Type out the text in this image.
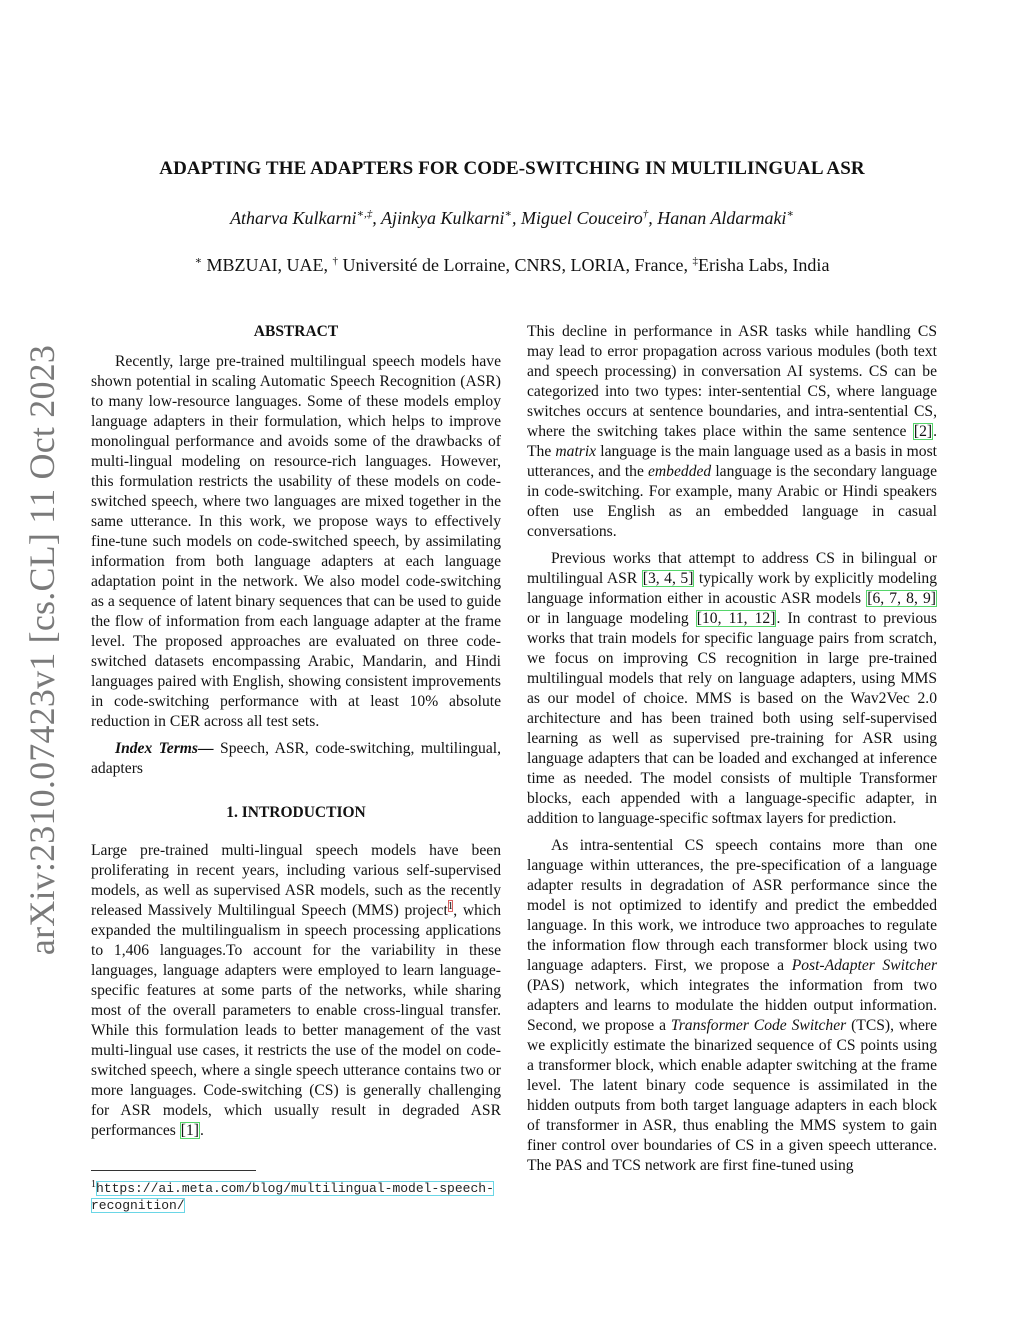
arXiv:2310.07423v1 [cs.CL] 11 Oct 2023
ADAPTING THE ADAPTERS FOR CODE-SWITCHING IN MULTILINGUAL ASR
Atharva Kulkarni∗,‡, Ajinkya Kulkarni∗, Miguel Couceiro†, Hanan Aldarmaki∗
∗ MBZUAI, UAE, † Université de Lorraine, CNRS, LORIA, France, ‡Erisha Labs, India
ABSTRACT

Recently, large pre-trained multilingual speech models have shown potential in scaling Automatic Speech Recognition (ASR) to many low-resource languages. Some of these models employ language adapters in their formulation, which helps to improve monolingual performance and avoids some of the drawbacks of multi-lingual modeling on resource-rich languages. However, this formulation restricts the usability of these models on code-switched speech, where two languages are mixed together in the same utterance. In this work, we propose ways to effectively fine-tune such models on code-switched speech, by assimilating information from both language adapters at each language adaptation point in the network. We also model code-switching as a sequence of latent binary sequences that can be used to guide the flow of information from each language adapter at the frame level. The proposed approaches are evaluated on three code-switched datasets encompassing Arabic, Mandarin, and Hindi languages paired with English, showing consistent improvements in code-switching performance with at least 10% absolute reduction in CER across all test sets.

Index Terms— Speech, ASR, code-switching, multilingual, adapters

1. INTRODUCTION

Large pre-trained multi-lingual speech models have been proliferating in recent years, including various self-supervised models, as well as supervised ASR models, such as the recently released Massively Multilingual Speech (MMS) project$^1$, which expanded the multilingualism in speech processing applications to 1,406 languages.To account for the variability in these languages, language adapters were employed to learn language-specific features at some parts of the networks, while sharing most of the overall parameters to enable cross-lingual transfer. While this formulation leads to better management of the vast multi-lingual use cases, it restricts the use of the model on code-switched speech, where a single speech utterance contains two or more languages. Code-switching (CS) is generally challenging for ASR models, which usually result in degraded ASR performances [1].

This decline in performance in ASR tasks while handling CS may lead to error propagation across various modules (both text and speech processing) in conversation AI systems. CS can be categorized into two types: inter-sentential CS, where language switches occurs at sentence boundaries, and intra-sentential CS, where the switching takes place within the same sentence [2]. The matrix language is the main language used as a basis in most utterances, and the embedded language is the secondary language in code-switching. For example, many Arabic or Hindi speakers often use English as an embedded language in casual conversations.

Previous works that attempt to address CS in bilingual or multilingual ASR [3, 4, 5] typically work by explicitly modeling language information either in acoustic ASR models [6, 7, 8, 9] or in language modeling [10, 11, 12]. In contrast to previous works that train models for specific language pairs from scratch, we focus on improving CS recognition in large pre-trained multilingual models that rely on language adapters, using MMS as our model of choice. MMS is based on the Wav2Vec 2.0 architecture and has been trained both using self-supervised learning as well as supervised pre-training for ASR using language adapters that can be loaded and exchanged at inference time as needed. The model consists of multiple Transformer blocks, each appended with a language-specific adapter, in addition to language-specific softmax layers for prediction.

As intra-sentential CS speech contains more than one language within utterances, the pre-specification of a language adapter results in degradation of ASR performance since the model is not optimized to identify and predict the embedded language. In this work, we introduce two approaches to regulate the information flow through each transformer block using two language adapters. First, we propose a Post-Adapter Switcher (PAS) network, which integrates the information from two adapters and learns to modulate the hidden output information. Second, we propose a Transformer Code Switcher (TCS), where we explicitly estimate the binarized sequence of CS points using a transformer block, which enable adapter switching at the frame level. The latent binary code sequence is assimilated in the hidden outputs from both target language adapters in each block of transformer in ASR, thus enabling the MMS system to gain finer control over boundaries of CS in a given speech utterance. The PAS and TCS network are first fine-tuned using

$^1$https://ai.meta.com/blog/multilingual-model-speech-recognition/
